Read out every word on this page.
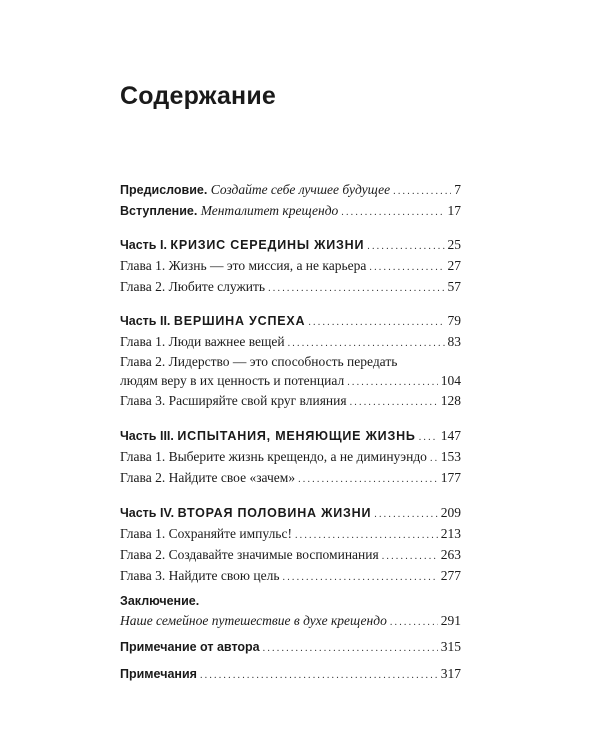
Содержание
Предисловие. Создайте себе лучшее будущее .....	7
Вступление. Менталитет крещендо .....	17
Часть I. КРИЗИС СЕРЕДИНЫ ЖИЗНИ .....	25
Глава 1. Жизнь — это миссия, а не карьера .....	27
Глава 2. Любите служить .....	57
Часть II. ВЕРШИНА УСПЕХА .....	79
Глава 1. Люди важнее вещей .....	83
Глава 2. Лидерство — это способность передать
людям веру в их ценность и потенциал .....	104
Глава 3. Расширяйте свой круг влияния .....	128
Часть III. ИСПЫТАНИЯ, МЕНЯЮЩИЕ ЖИЗНЬ ..... 147
Глава 1. Выберите жизнь крещендо, а не диминуэндо ..... 153
Глава 2. Найдите свое «зачем» .....	177
Часть IV. ВТОРАЯ ПОЛОВИНА ЖИЗНИ .....	209
Глава 1. Сохраняйте импульс! .....	213
Глава 2. Создавайте значимые воспоминания .....	263
Глава 3. Найдите свою цель .....	277
Заключение.
Наше семейное путешествие в духе крещендо .....	291
Примечание от автора .....	315
Примечания .....	317
